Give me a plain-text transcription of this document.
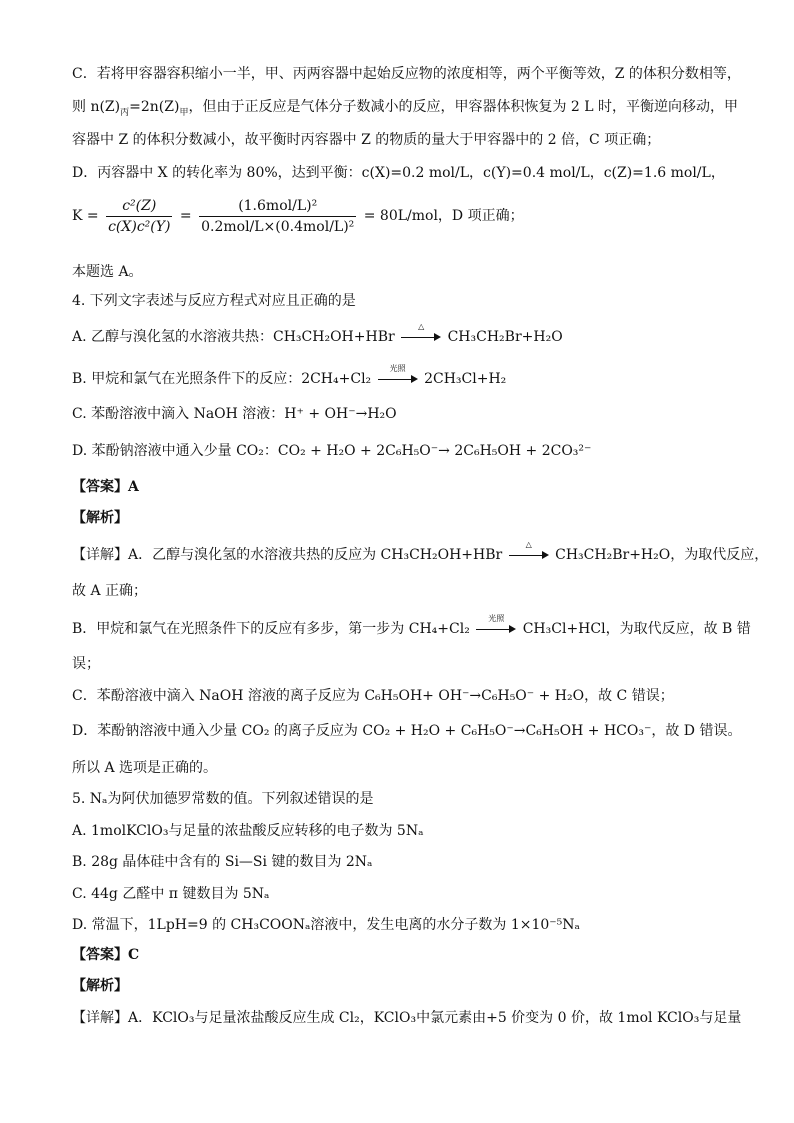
C．若将甲容器容积缩小一半，甲、丙两容器中起始反应物的浓度相等，两个平衡等效，Z 的体积分数相等，
则 $n(Z)_丙=2n(Z)_甲$，但由于正反应是气体分子数减小的反应，甲容器体积恢复为 2 L 时，平衡逆向移动，甲
容器中 Z 的体积分数减小，故平衡时丙容器中 Z 的物质的量大于甲容器中的 2 倍，C 项正确；
D．丙容器中 X 的转化率为 80%，达到平衡：c(X)=0.2 mol/L，c(Y)=0.4 mol/L，c(Z)=1.6 mol/L，
$K = \frac{\text{c²(Z)}}{\text{c(X)c²(Y)}} = \frac{\text{(1.6mol/L)²}}{\text{0.2mol/L×(0.4mol/L)²}} = 80L/mol$，D 项正确；
本题选 A。
4. 下列文字表述与反应方程式对应且正确的是
A. 乙醇与溴化氢的水溶液共热：CH₃CH₂OH+HBr
△
CH₃CH₂Br+H₂O
B. 甲烷和氯气在光照条件下的反应：2CH₄+Cl₂
光照
2CH₃Cl+H₂
C. 苯酚溶液中滴入 NaOH 溶液：H⁺ + OH⁻→H₂O
D. 苯酚钠溶液中通入少量 CO₂：CO₂ + H₂O + 2C₆H₅O⁻→ 2C₆H₅OH + 2CO₃²⁻
【答案】A
【解析】
【详解】A．乙醇与溴化氢的水溶液共热的反应为 CH₃CH₂OH+HBr
△
CH₃CH₂Br+H₂O，为取代反应，
故 A 正确；
B．甲烷和氯气在光照条件下的反应有多步，第一步为 CH₄+Cl₂
光照
CH₃Cl+HCl，为取代反应，故 B 错
误；
C．苯酚溶液中滴入 NaOH 溶液的离子反应为 C₆H₅OH+ OH⁻→C₆H₅O⁻ + H₂O，故 C 错误；
D．苯酚钠溶液中通入少量 CO₂ 的离子反应为 CO₂ + H₂O + C₆H₅O⁻→C₆H₅OH + HCO₃⁻，故 D 错误。
所以 A 选项是正确的。
5. Nₐ为阿伏加德罗常数的值。下列叙述错误的是
A. 1molKClO₃与足量的浓盐酸反应转移的电子数为 5Nₐ
B. 28g 晶体硅中含有的 Si—Si 键的数目为 2Nₐ
C. 44g 乙醛中 π 键数目为 5Nₐ
D. 常温下，1LpH=9 的 CH₃COONₐ溶液中，发生电离的水分子数为 1×10⁻⁵Nₐ
【答案】C
【解析】
【详解】A．KClO₃与足量浓盐酸反应生成 Cl₂，KClO₃中氯元素由+5 价变为 0 价，故 1mol KClO₃与足量
